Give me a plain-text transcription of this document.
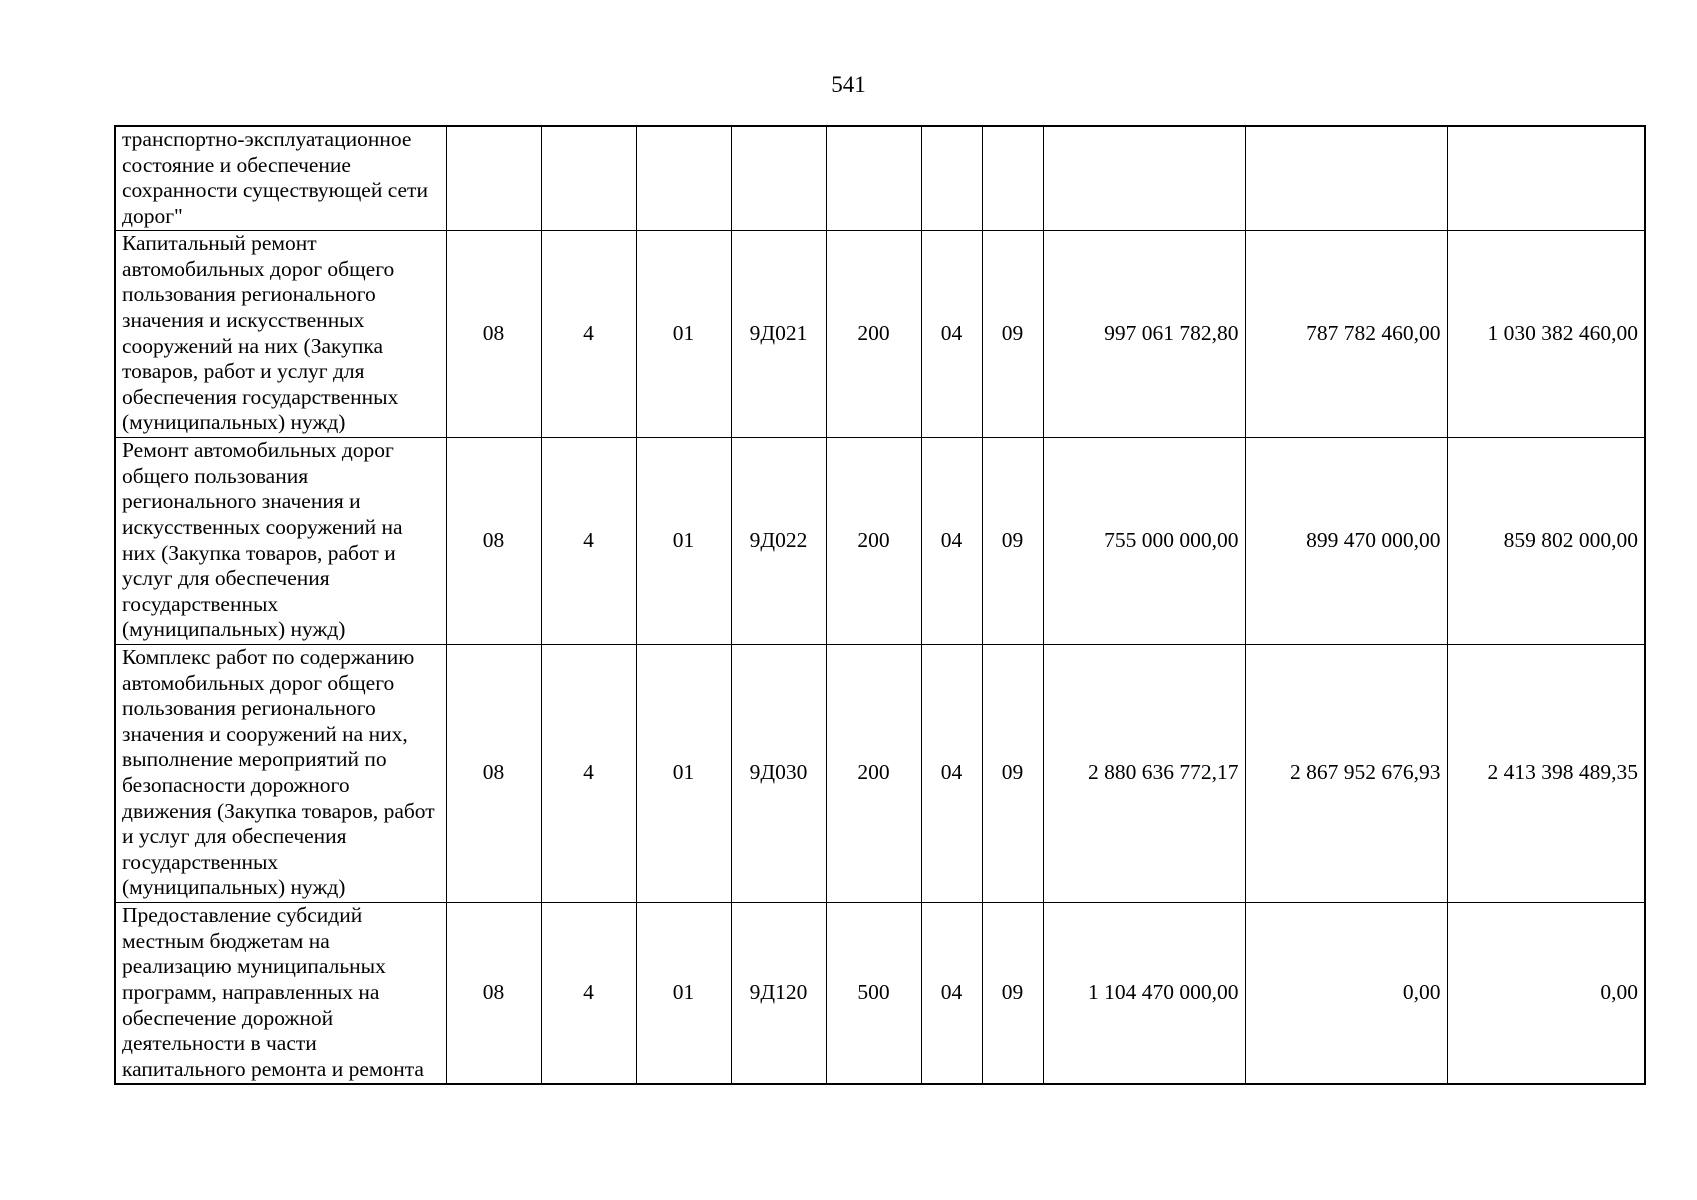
541
транспортно-эксплуатационное состояние и обеспечение сохранности существующей сети дорог"										
Капитальный ремонт автомобильных дорог общего пользования регионального значения и искусственных сооружений на них (Закупка товаров, работ и услуг для обеспечения государственных (муниципальных) нужд)	08	4	01	9Д021	200	04	09	997 061 782,80	787 782 460,00	1 030 382 460,00
Ремонт автомобильных дорог общего пользования регионального значения и искусственных сооружений на них (Закупка товаров, работ и услуг для обеспечения государственных (муниципальных) нужд)	08	4	01	9Д022	200	04	09	755 000 000,00	899 470 000,00	859 802 000,00
Комплекс работ по содержанию автомобильных дорог общего пользования регионального значения и сооружений на них, выполнение мероприятий по безопасности дорожного движения (Закупка товаров, работ и услуг для обеспечения государственных (муниципальных) нужд)	08	4	01	9Д030	200	04	09	2 880 636 772,17	2 867 952 676,93	2 413 398 489,35
Предоставление субсидий местным бюджетам на реализацию муниципальных программ, направленных на обеспечение дорожной деятельности в части капитального ремонта и ремонта	08	4	01	9Д120	500	04	09	1 104 470 000,00	0,00	0,00
